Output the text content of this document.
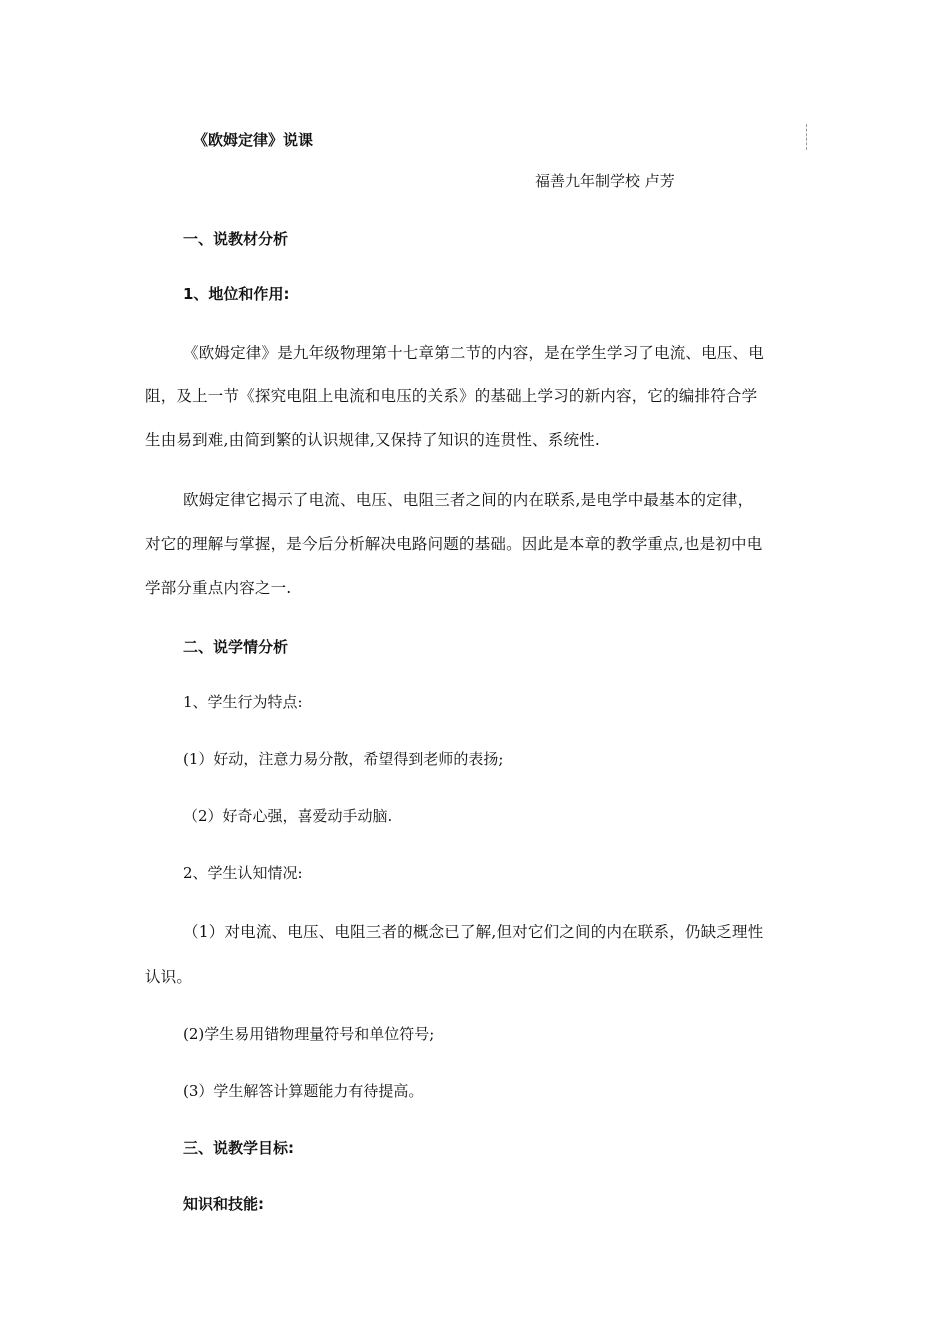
《欧姆定律》说课
福善九年制学校 卢芳
一、说教材分析
1、地位和作用:
《欧姆定律》是九年级物理第十七章第二节的内容，是在学生学习了电流、电压、电
阻，及上一节《探究电阻上电流和电压的关系》的基础上学习的新内容，它的编排符合学
生由易到难,由简到繁的认识规律,又保持了知识的连贯性、系统性.
欧姆定律它揭示了电流、电压、电阻三者之间的内在联系,是电学中最基本的定律，
对它的理解与掌握，是今后分析解决电路问题的基础。因此是本章的教学重点,也是初中电
学部分重点内容之一.
二、说学情分析
1、学生行为特点:
(1）好动，注意力易分散，希望得到老师的表扬;
（2）好奇心强，喜爱动手动脑.
2、学生认知情况:
（1）对电流、电压、电阻三者的概念已了解,但对它们之间的内在联系，仍缺乏理性
认识。
(2)学生易用错物理量符号和单位符号;
(3）学生解答计算题能力有待提高。
三、说教学目标:
知识和技能:
